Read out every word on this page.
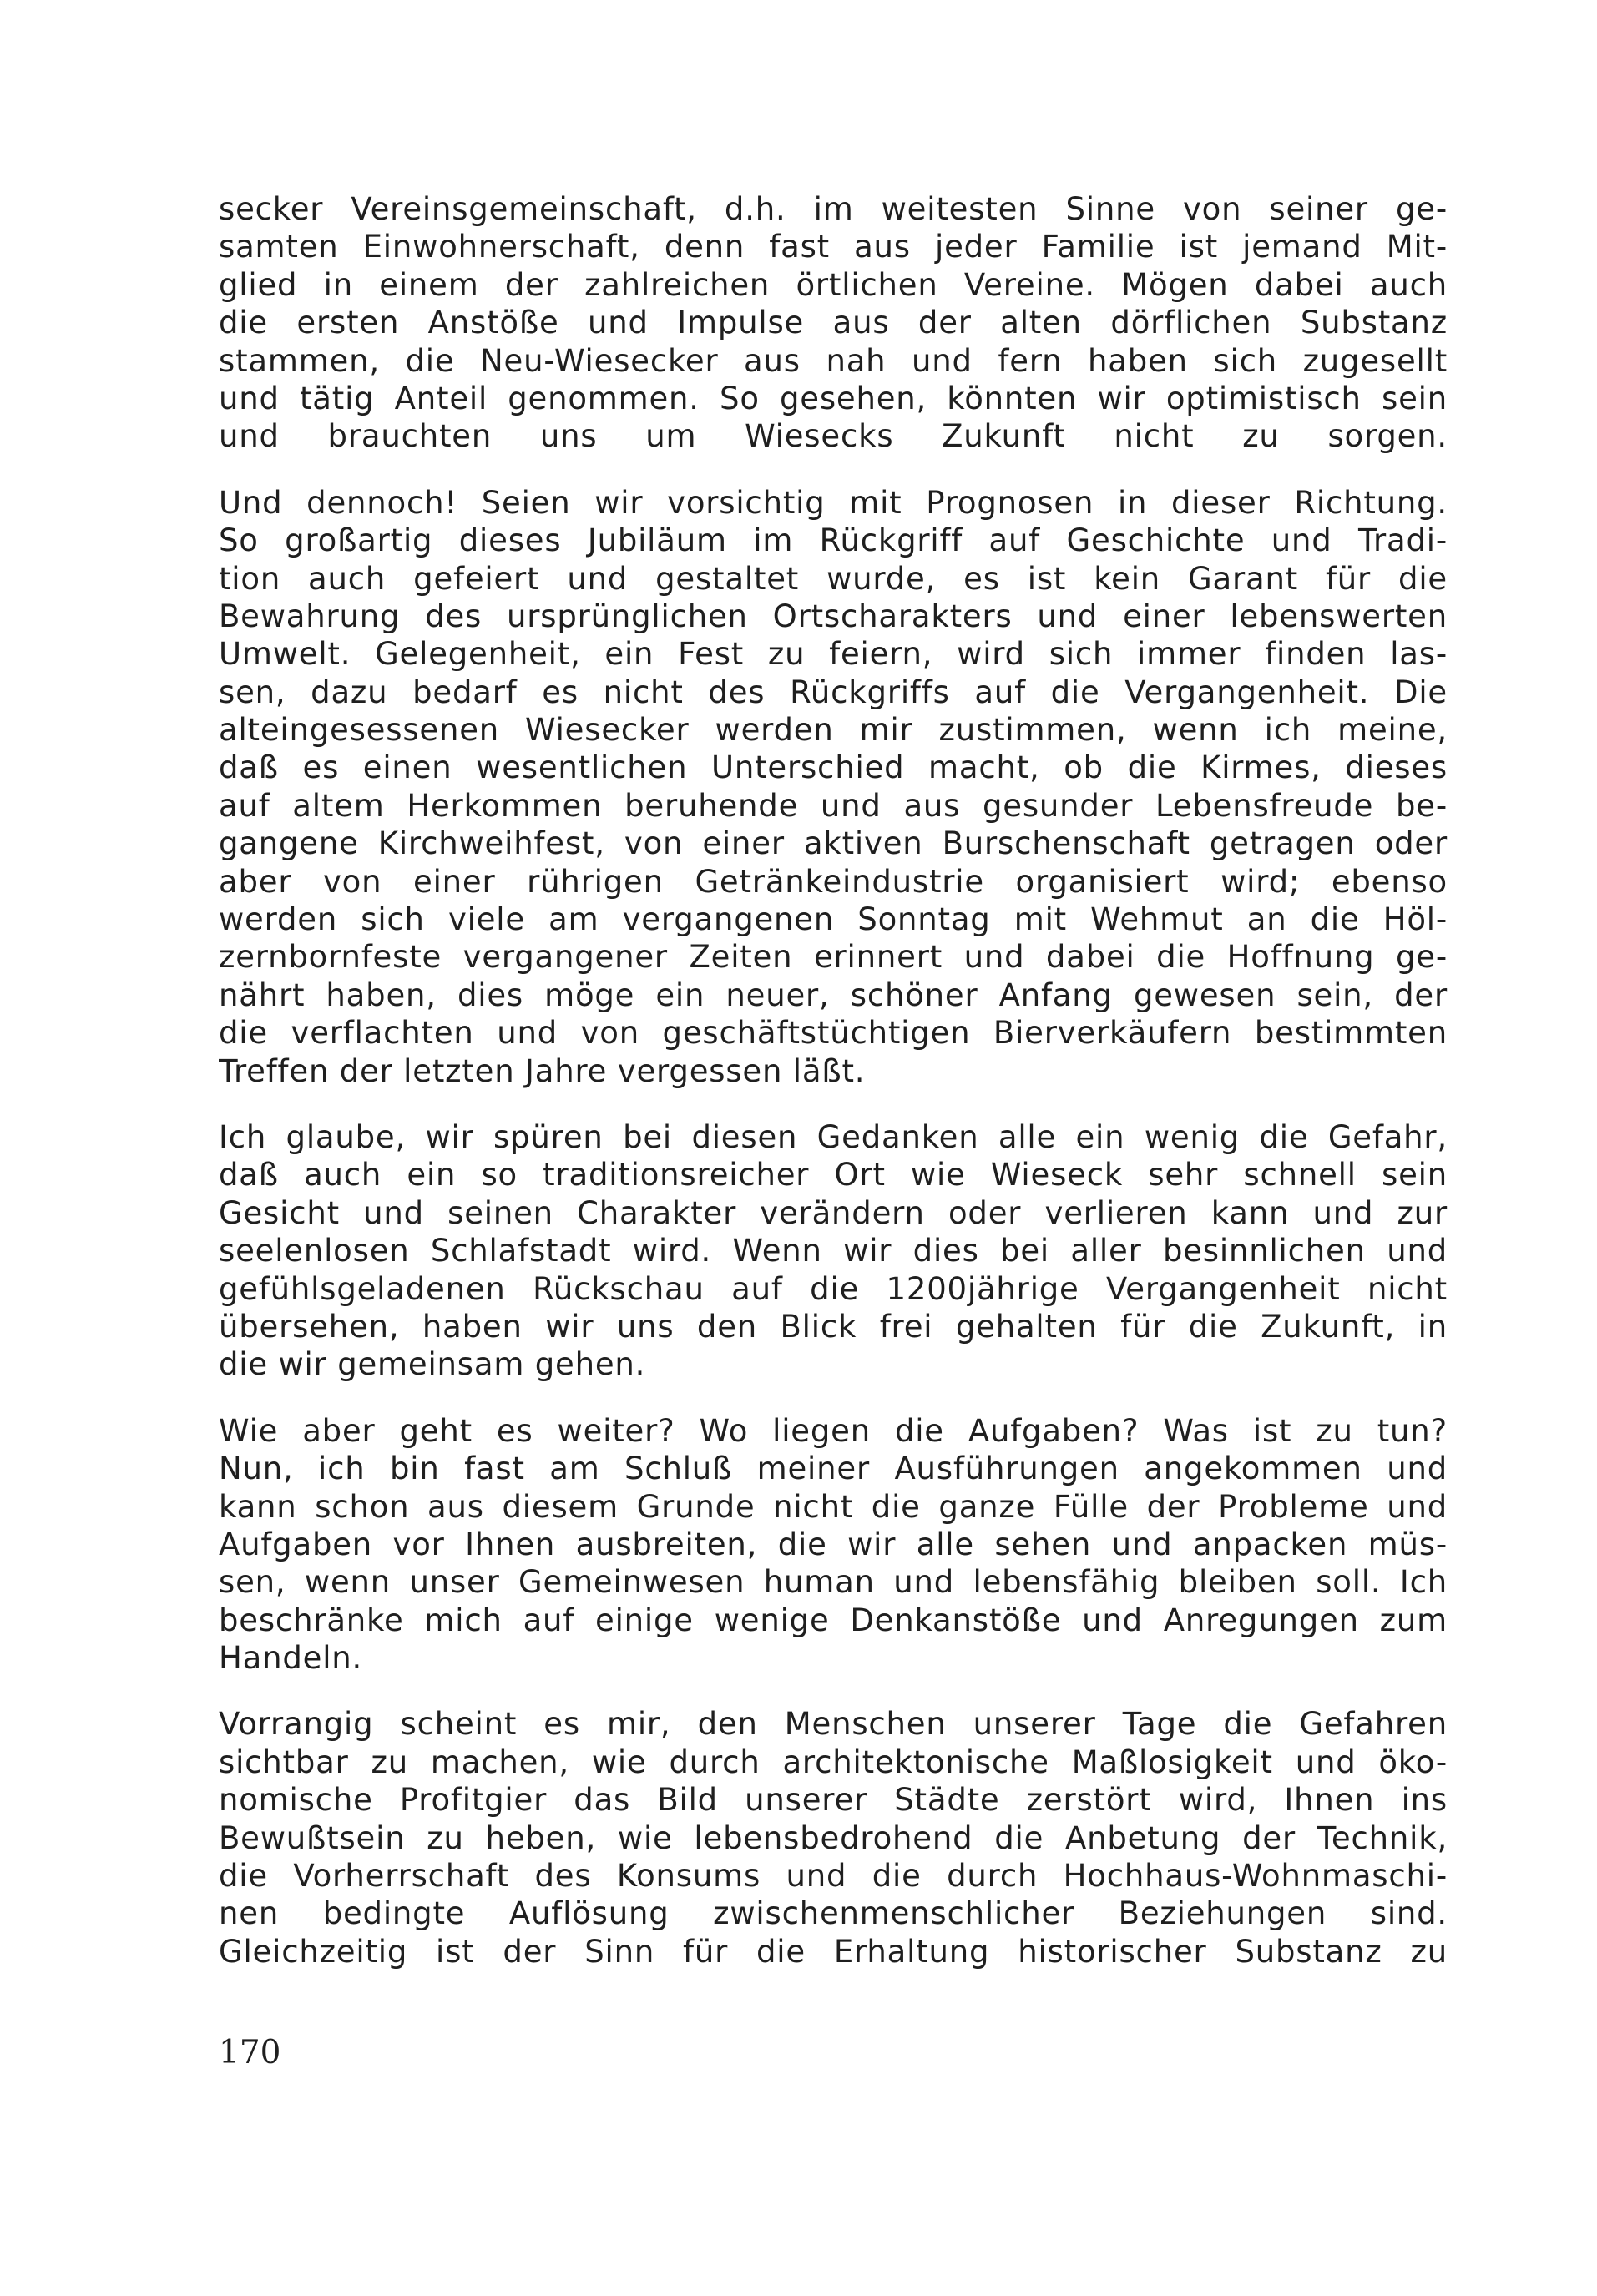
secker Vereinsgemeinschaft, d.h. im weitesten Sinne von seiner ge-
samten Einwohnerschaft, denn fast aus jeder Familie ist jemand Mit-
glied in einem der zahlreichen örtlichen Vereine. Mögen dabei auch
die ersten Anstöße und Impulse aus der alten dörflichen Substanz
stammen, die Neu-Wiesecker aus nah und fern haben sich zugesellt
und tätig Anteil genommen. So gesehen, könnten wir optimistisch sein
und brauchten uns um Wiesecks Zukunft nicht zu sorgen.
Und dennoch! Seien wir vorsichtig mit Prognosen in dieser Richtung.
So großartig dieses Jubiläum im Rückgriff auf Geschichte und Tradi-
tion auch gefeiert und gestaltet wurde, es ist kein Garant für die
Bewahrung des ursprünglichen Ortscharakters und einer lebenswerten
Umwelt. Gelegenheit, ein Fest zu feiern, wird sich immer finden las-
sen, dazu bedarf es nicht des Rückgriffs auf die Vergangenheit. Die
alteingesessenen Wiesecker werden mir zustimmen, wenn ich meine,
daß es einen wesentlichen Unterschied macht, ob die Kirmes, dieses
auf altem Herkommen beruhende und aus gesunder Lebensfreude be-
gangene Kirchweihfest, von einer aktiven Burschenschaft getragen oder
aber von einer rührigen Getränkeindustrie organisiert wird; ebenso
werden sich viele am vergangenen Sonntag mit Wehmut an die Höl-
zernbornfeste vergangener Zeiten erinnert und dabei die Hoffnung ge-
nährt haben, dies möge ein neuer, schöner Anfang gewesen sein, der
die verflachten und von geschäftstüchtigen Bierverkäufern bestimmten
Treffen der letzten Jahre vergessen läßt.
Ich glaube, wir spüren bei diesen Gedanken alle ein wenig die Gefahr,
daß auch ein so traditionsreicher Ort wie Wieseck sehr schnell sein
Gesicht und seinen Charakter verändern oder verlieren kann und zur
seelenlosen Schlafstadt wird. Wenn wir dies bei aller besinnlichen und
gefühlsgeladenen Rückschau auf die 1200jährige Vergangenheit nicht
übersehen, haben wir uns den Blick frei gehalten für die Zukunft, in
die wir gemeinsam gehen.
Wie aber geht es weiter? Wo liegen die Aufgaben? Was ist zu tun?
Nun, ich bin fast am Schluß meiner Ausführungen angekommen und
kann schon aus diesem Grunde nicht die ganze Fülle der Probleme und
Aufgaben vor Ihnen ausbreiten, die wir alle sehen und anpacken müs-
sen, wenn unser Gemeinwesen human und lebensfähig bleiben soll. Ich
beschränke mich auf einige wenige Denkanstöße und Anregungen zum
Handeln.
Vorrangig scheint es mir, den Menschen unserer Tage die Gefahren
sichtbar zu machen, wie durch architektonische Maßlosigkeit und öko-
nomische Profitgier das Bild unserer Städte zerstört wird, Ihnen ins
Bewußtsein zu heben, wie lebensbedrohend die Anbetung der Technik,
die Vorherrschaft des Konsums und die durch Hochhaus-Wohnmaschi-
nen bedingte Auflösung zwischenmenschlicher Beziehungen sind.
Gleichzeitig ist der Sinn für die Erhaltung historischer Substanz zu
170
